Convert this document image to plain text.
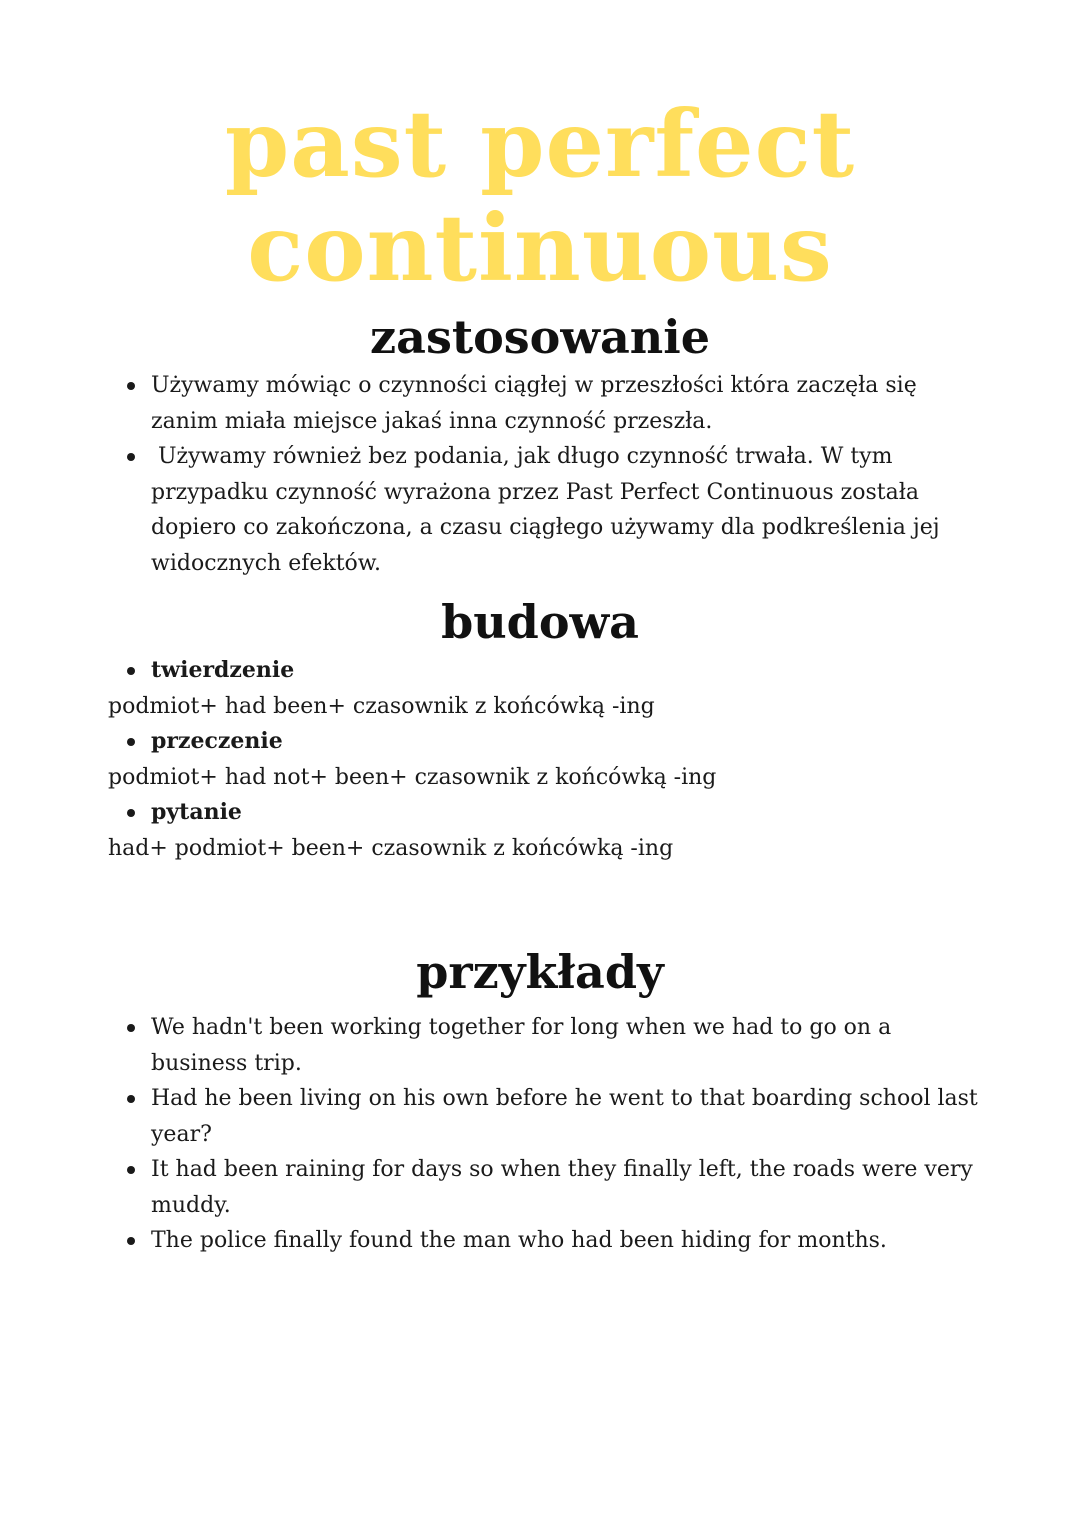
past perfect
continuous
zastosowanie
Używamy mówiąc o czynności ciągłej w przeszłości która zaczęła się zanim miała miejsce jakaś inna czynność przeszła.
Używamy również bez podania, jak długo czynność trwała. W tym przypadku czynność wyrażona przez Past Perfect Continuous została dopiero co zakończona, a czasu ciągłego używamy dla podkreślenia jej widocznych efektów.
budowa
twierdzenie
podmiot+ had been+ czasownik z końcówką -ing
przeczenie
podmiot+ had not+ been+ czasownik z końcówką -ing
pytanie
had+ podmiot+ been+ czasownik z końcówką -ing
przykłady
We hadn't been working together for long when we had to go on a business trip.
Had he been living on his own before he went to that boarding school last year?
It had been raining for days so when they finally left, the roads were very muddy.
The police finally found the man who had been hiding for months.
